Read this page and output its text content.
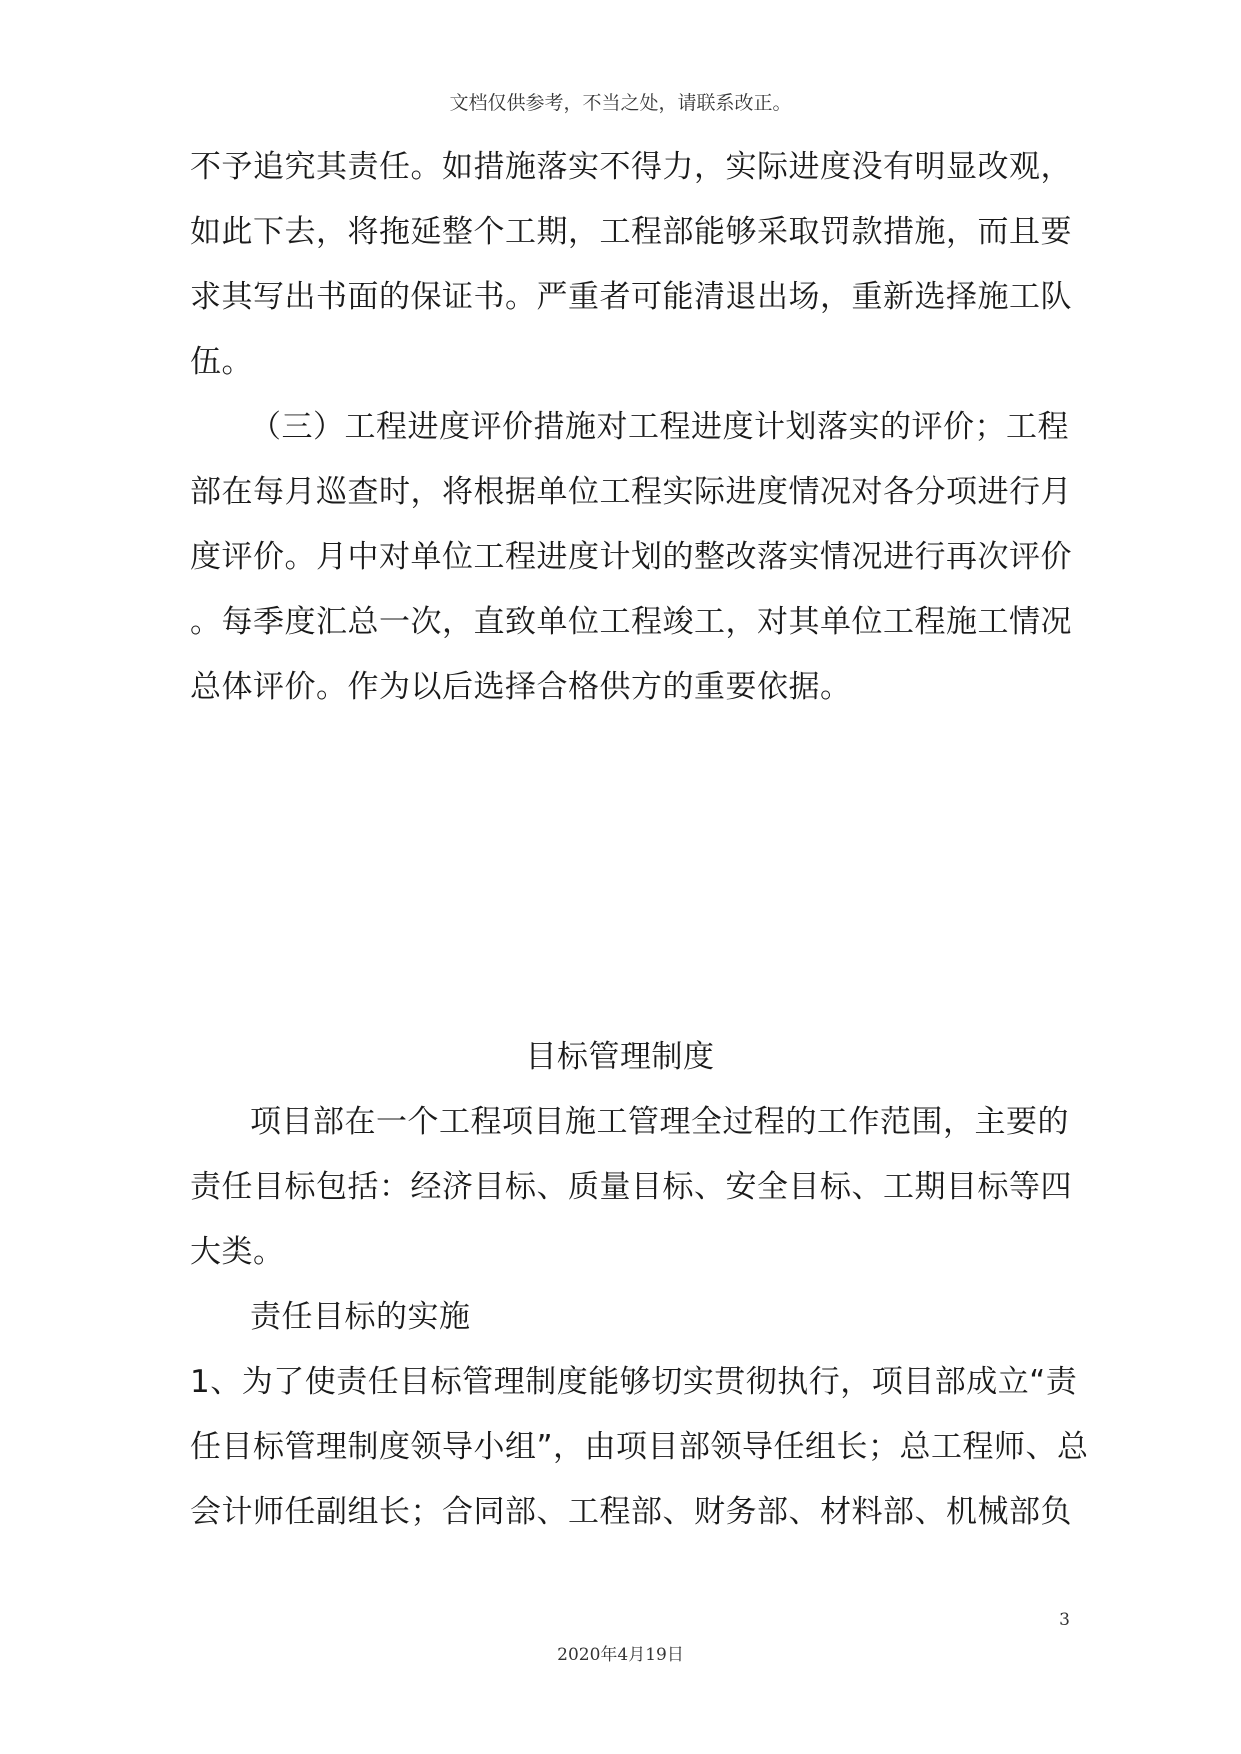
文档仅供参考，不当之处，请联系改正。
不予追究其责任。如措施落实不得力，实际进度没有明显改观，
如此下去，将拖延整个工期，工程部能够采取罚款措施，而且要
求其写出书面的保证书。严重者可能清退出场，重新选择施工队
伍。
（三）工程进度评价措施对工程进度计划落实的评价；工程
部在每月巡查时，将根据单位工程实际进度情况对各分项进行月
度评价。月中对单位工程进度计划的整改落实情况进行再次评价
。每季度汇总一次，直致单位工程竣工，对其单位工程施工情况
总体评价。作为以后选择合格供方的重要依据。
目标管理制度
项目部在一个工程项目施工管理全过程的工作范围，主要的
责任目标包括：经济目标、质量目标、安全目标、工期目标等四
大类。
责任目标的实施
1、为了使责任目标管理制度能够切实贯彻执行，项目部成立“责
任目标管理制度领导小组”，由项目部领导任组长；总工程师、总
会计师任副组长；合同部、工程部、财务部、材料部、机械部负
3
2020年4月19日
